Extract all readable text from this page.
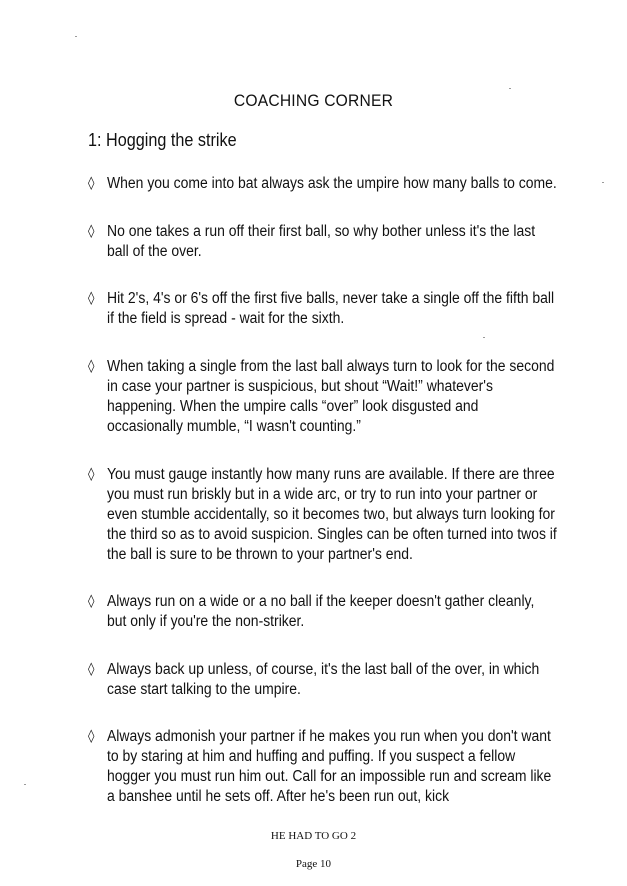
COACHING CORNER
1: Hogging the strike
◊ When you come into bat always ask the umpire how many balls to come.
◊ No one takes a run off their first ball, so why bother unless it's the last ball of the over.
◊ Hit 2's, 4's or 6's off the first five balls, never take a single off the fifth ball if the field is spread - wait for the sixth.
◊ When taking a single from the last ball always turn to look for the second in case your partner is suspicious, but shout “Wait!” whatever's happening. When the umpire calls “over” look disgusted and occasionally mumble, “I wasn't counting.”
◊ You must gauge instantly how many runs are available. If there are three you must run briskly but in a wide arc, or try to run into your partner or even stumble accidentally, so it becomes two, but always turn looking for the third so as to avoid suspicion. Singles can be often turned into twos if the ball is sure to be thrown to your partner's end.
◊ Always run on a wide or a no ball if the keeper doesn't gather cleanly, but only if you're the non-striker.
◊ Always back up unless, of course, it's the last ball of the over, in which case start talking to the umpire.
◊ Always admonish your partner if he makes you run when you don't want to by staring at him and huffing and puffing. If you suspect a fellow hogger you must run him out. Call for an impossible run and scream like a banshee until he sets off. After he's been run out, kick
HE HAD TO GO 2
Page 10
